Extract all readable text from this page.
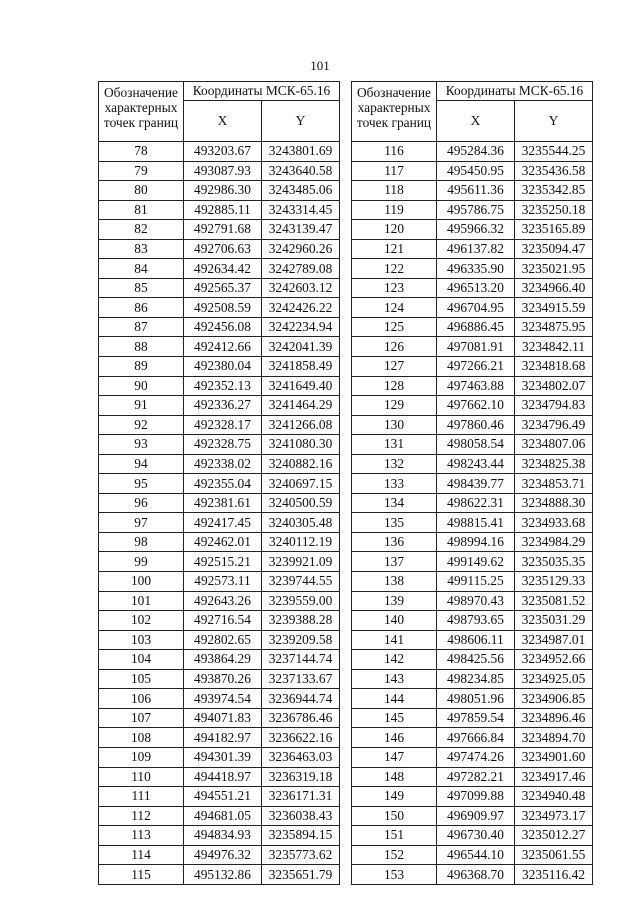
101
Обозначение характерных точек границ	Координаты МСК-65.16	
	X	Y
78	493203.67	3243801.69
79	493087.93	3243640.58
80	492986.30	3243485.06
81	492885.11	3243314.45
82	492791.68	3243139.47
83	492706.63	3242960.26
84	492634.42	3242789.08
85	492565.37	3242603.12
86	492508.59	3242426.22
87	492456.08	3242234.94
88	492412.66	3242041.39
89	492380.04	3241858.49
90	492352.13	3241649.40
91	492336.27	3241464.29
92	492328.17	3241266.08
93	492328.75	3241080.30
94	492338.02	3240882.16
95	492355.04	3240697.15
96	492381.61	3240500.59
97	492417.45	3240305.48
98	492462.01	3240112.19
99	492515.21	3239921.09
100	492573.11	3239744.55
101	492643.26	3239559.00
102	492716.54	3239388.28
103	492802.65	3239209.58
104	493864.29	3237144.74
105	493870.26	3237133.67
106	493974.54	3236944.74
107	494071.83	3236786.46
108	494182.97	3236622.16
109	494301.39	3236463.03
110	494418.97	3236319.18
111	494551.21	3236171.31
112	494681.05	3236038.43
113	494834.93	3235894.15
114	494976.32	3235773.62
115	495132.86	3235651.79
Обозначение характерных точек границ	Координаты МСК-65.16	
	X	Y
116	495284.36	3235544.25
117	495450.95	3235436.58
118	495611.36	3235342.85
119	495786.75	3235250.18
120	495966.32	3235165.89
121	496137.82	3235094.47
122	496335.90	3235021.95
123	496513.20	3234966.40
124	496704.95	3234915.59
125	496886.45	3234875.95
126	497081.91	3234842.11
127	497266.21	3234818.68
128	497463.88	3234802.07
129	497662.10	3234794.83
130	497860.46	3234796.49
131	498058.54	3234807.06
132	498243.44	3234825.38
133	498439.77	3234853.71
134	498622.31	3234888.30
135	498815.41	3234933.68
136	498994.16	3234984.29
137	499149.62	3235035.35
138	499115.25	3235129.33
139	498970.43	3235081.52
140	498793.65	3235031.29
141	498606.11	3234987.01
142	498425.56	3234952.66
143	498234.85	3234925.05
144	498051.96	3234906.85
145	497859.54	3234896.46
146	497666.84	3234894.70
147	497474.26	3234901.60
148	497282.21	3234917.46
149	497099.88	3234940.48
150	496909.97	3234973.17
151	496730.40	3235012.27
152	496544.10	3235061.55
153	496368.70	3235116.42
